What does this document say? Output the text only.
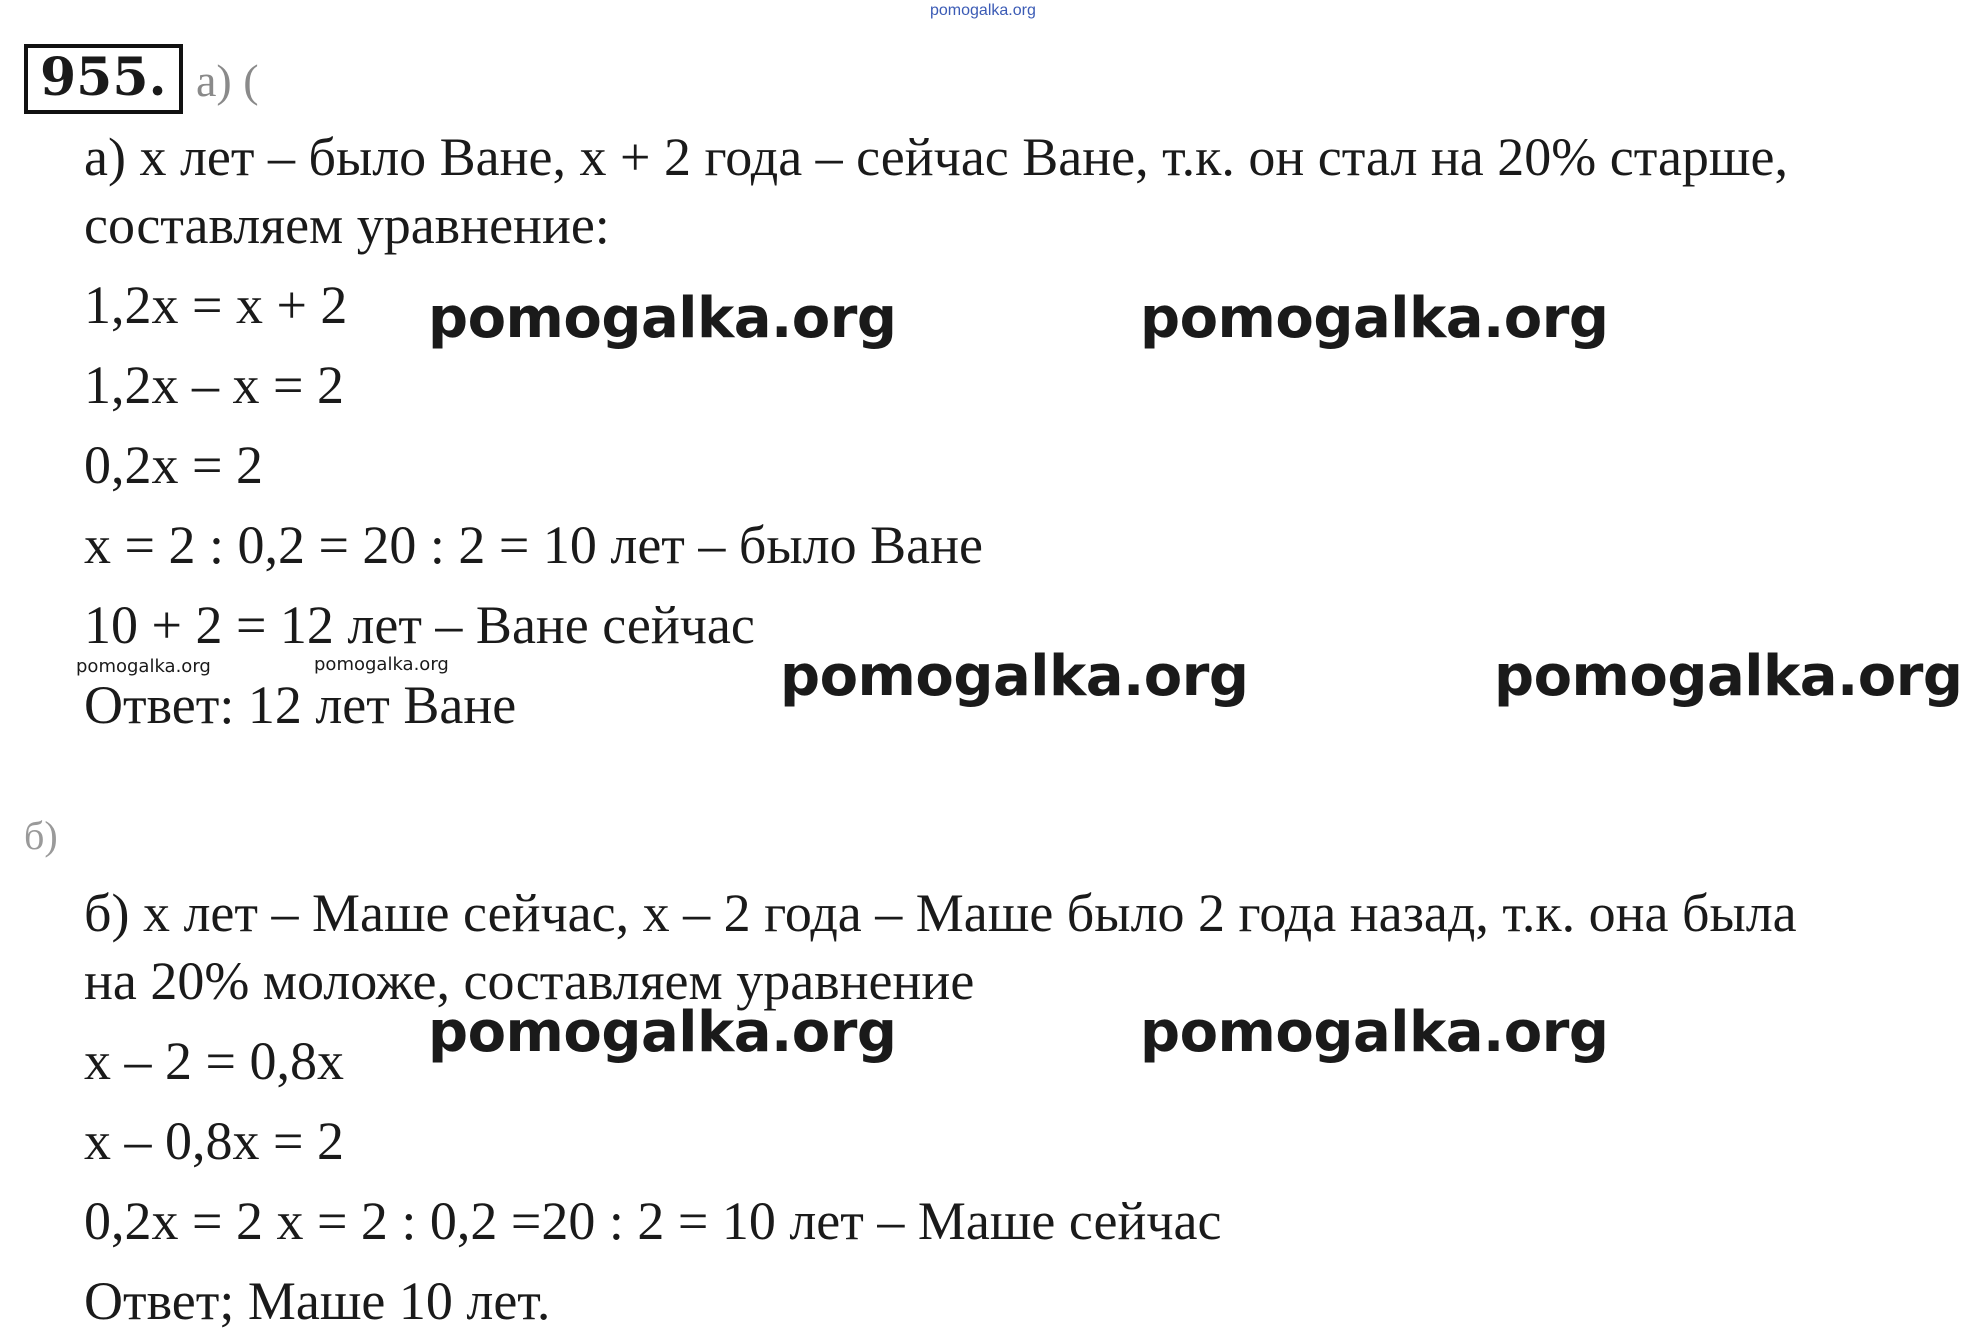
pomogalka.org
955. а) (
а) х лет – было Ване, х + 2 года – сейчас Ване, т.к. он стал на 20% старше,
составляем уравнение:
1,2х = х + 2
1,2х – х = 2
0,2х = 2
х = 2 : 0,2 = 20 : 2 = 10 лет – было Ване
10 + 2 = 12 лет – Ване сейчас
Ответ: 12 лет Ване
б)
б) х лет – Маше сейчас, х – 2 года – Маше было 2 года назад, т.к. она была
на 20% моложе, составляем уравнение
х – 2 = 0,8х
х – 0,8х = 2
0,2х = 2 х = 2 : 0,2 =20 : 2 = 10 лет – Маше сейчас
Ответ; Маше 10 лет.
pomogalka.org	pomogalka.org
pomogalka.org	pomogalka.org
pomogalka.org	pomogalka.org
pomogalka.org	pomogalka.org
